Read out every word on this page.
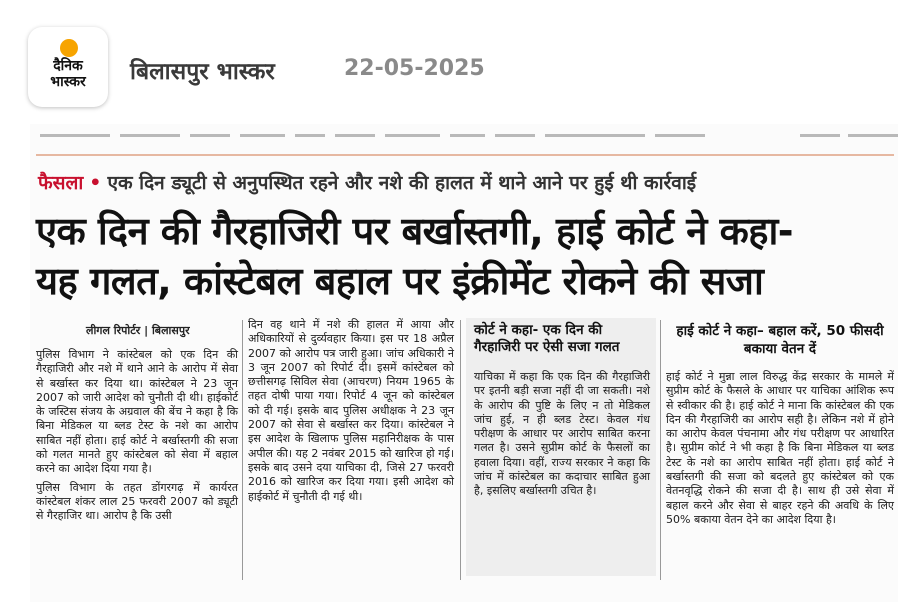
दैनिक
भास्कर	बिलासपुर भास्कर	22-05-2025
फैसला • एक दिन ड्यूटी से अनुपस्थित रहने और नशे की हालत में थाने आने पर हुई थी कार्रवाई
एक दिन की गैरहाजिरी पर बर्खास्तगी, हाई कोर्ट ने कहा-
यह गलत, कांस्टेबल बहाल पर इंक्रीमेंट रोकने की सजा
लीगल रिपोर्टर | बिलासपुर

पुलिस विभाग ने कांस्टेबल को एक दिन की गैरहाजिरी और नशे में थाने आने के आरोप में सेवा से बर्खास्त कर दिया था। कांस्टेबल ने 23 जून 2007 को जारी आदेश को चुनौती दी थी। हाईकोर्ट के जस्टिस संजय के अग्रवाल की बेंच ने कहा है कि बिना मेडिकल या ब्लड टेस्ट के नशे का आरोप साबित नहीं होता। हाई कोर्ट ने बर्खास्तगी की सजा को गलत मानते हुए कांस्टेबल को सेवा में बहाल करने का आदेश दिया गया है।

पुलिस विभाग के तहत डोंगरगढ़ में कार्यरत कांस्टेबल शंकर लाल 25 फरवरी 2007 को ड्यूटी से गैरहाजिर था। आरोप है कि उसी

दिन वह थाने में नशे की हालत में आया और अधिकारियों से दुर्व्यवहार किया। इस पर 18 अप्रैल 2007 को आरोप पत्र जारी हुआ। जांच अधिकारी ने 3 जून 2007 को रिपोर्ट दी। इसमें कांस्टेबल को छत्तीसगढ़ सिविल सेवा (आचरण) नियम 1965 के तहत दोषी पाया गया। रिपोर्ट 4 जून को कांस्टेबल को दी गई। इसके बाद पुलिस अधीक्षक ने 23 जून 2007 को सेवा से बर्खास्त कर दिया। कांस्टेबल ने इस आदेश के खिलाफ पुलिस महानिरीक्षक के पास अपील की। यह 2 नवंबर 2015 को खारिज हो गई। इसके बाद उसने दया याचिका दी, जिसे 27 फरवरी 2016 को खारिज कर दिया गया। इसी आदेश को हाईकोर्ट में चुनौती दी गई थी।

कोर्ट ने कहा- एक दिन की गैरहाजिरी पर ऐसी सजा गलत
याचिका में कहा कि एक दिन की गैरहाजिरी पर इतनी बड़ी सजा नहीं दी जा सकती। नशे के आरोप की पुष्टि के लिए न तो मेडिकल जांच हुई, न ही ब्लड टेस्ट। केवल गंध परीक्षण के आधार पर आरोप साबित करना गलत है। उसने सुप्रीम कोर्ट के फैसलों का हवाला दिया। वहीं, राज्य सरकार ने कहा कि जांच में कांस्टेबल का कदाचार साबित हुआ है, इसलिए बर्खास्तगी उचित है।
हाई कोर्ट ने कहा– बहाल करें, 50 फीसदी बकाया वेतन दें
हाई कोर्ट ने मुन्ना लाल विरुद्ध केंद्र सरकार के मामले में सुप्रीम कोर्ट के फैसले के आधार पर याचिका आंशिक रूप से स्वीकार की है। हाई कोर्ट ने माना कि कांस्टेबल की एक दिन की गैरहाजिरी का आरोप सही है। लेकिन नशे में होने का आरोप केवल पंचनामा और गंध परीक्षण पर आधारित है। सुप्रीम कोर्ट ने भी कहा है कि बिना मेडिकल या ब्लड टेस्ट के नशे का आरोप साबित नहीं होता। हाई कोर्ट ने बर्खास्तगी की सजा को बदलते हुए कांस्टेबल को एक वेतनवृद्धि रोकने की सजा दी है। साथ ही उसे सेवा में बहाल करने और सेवा से बाहर रहने की अवधि के लिए 50% बकाया वेतन देने का आदेश दिया है।
